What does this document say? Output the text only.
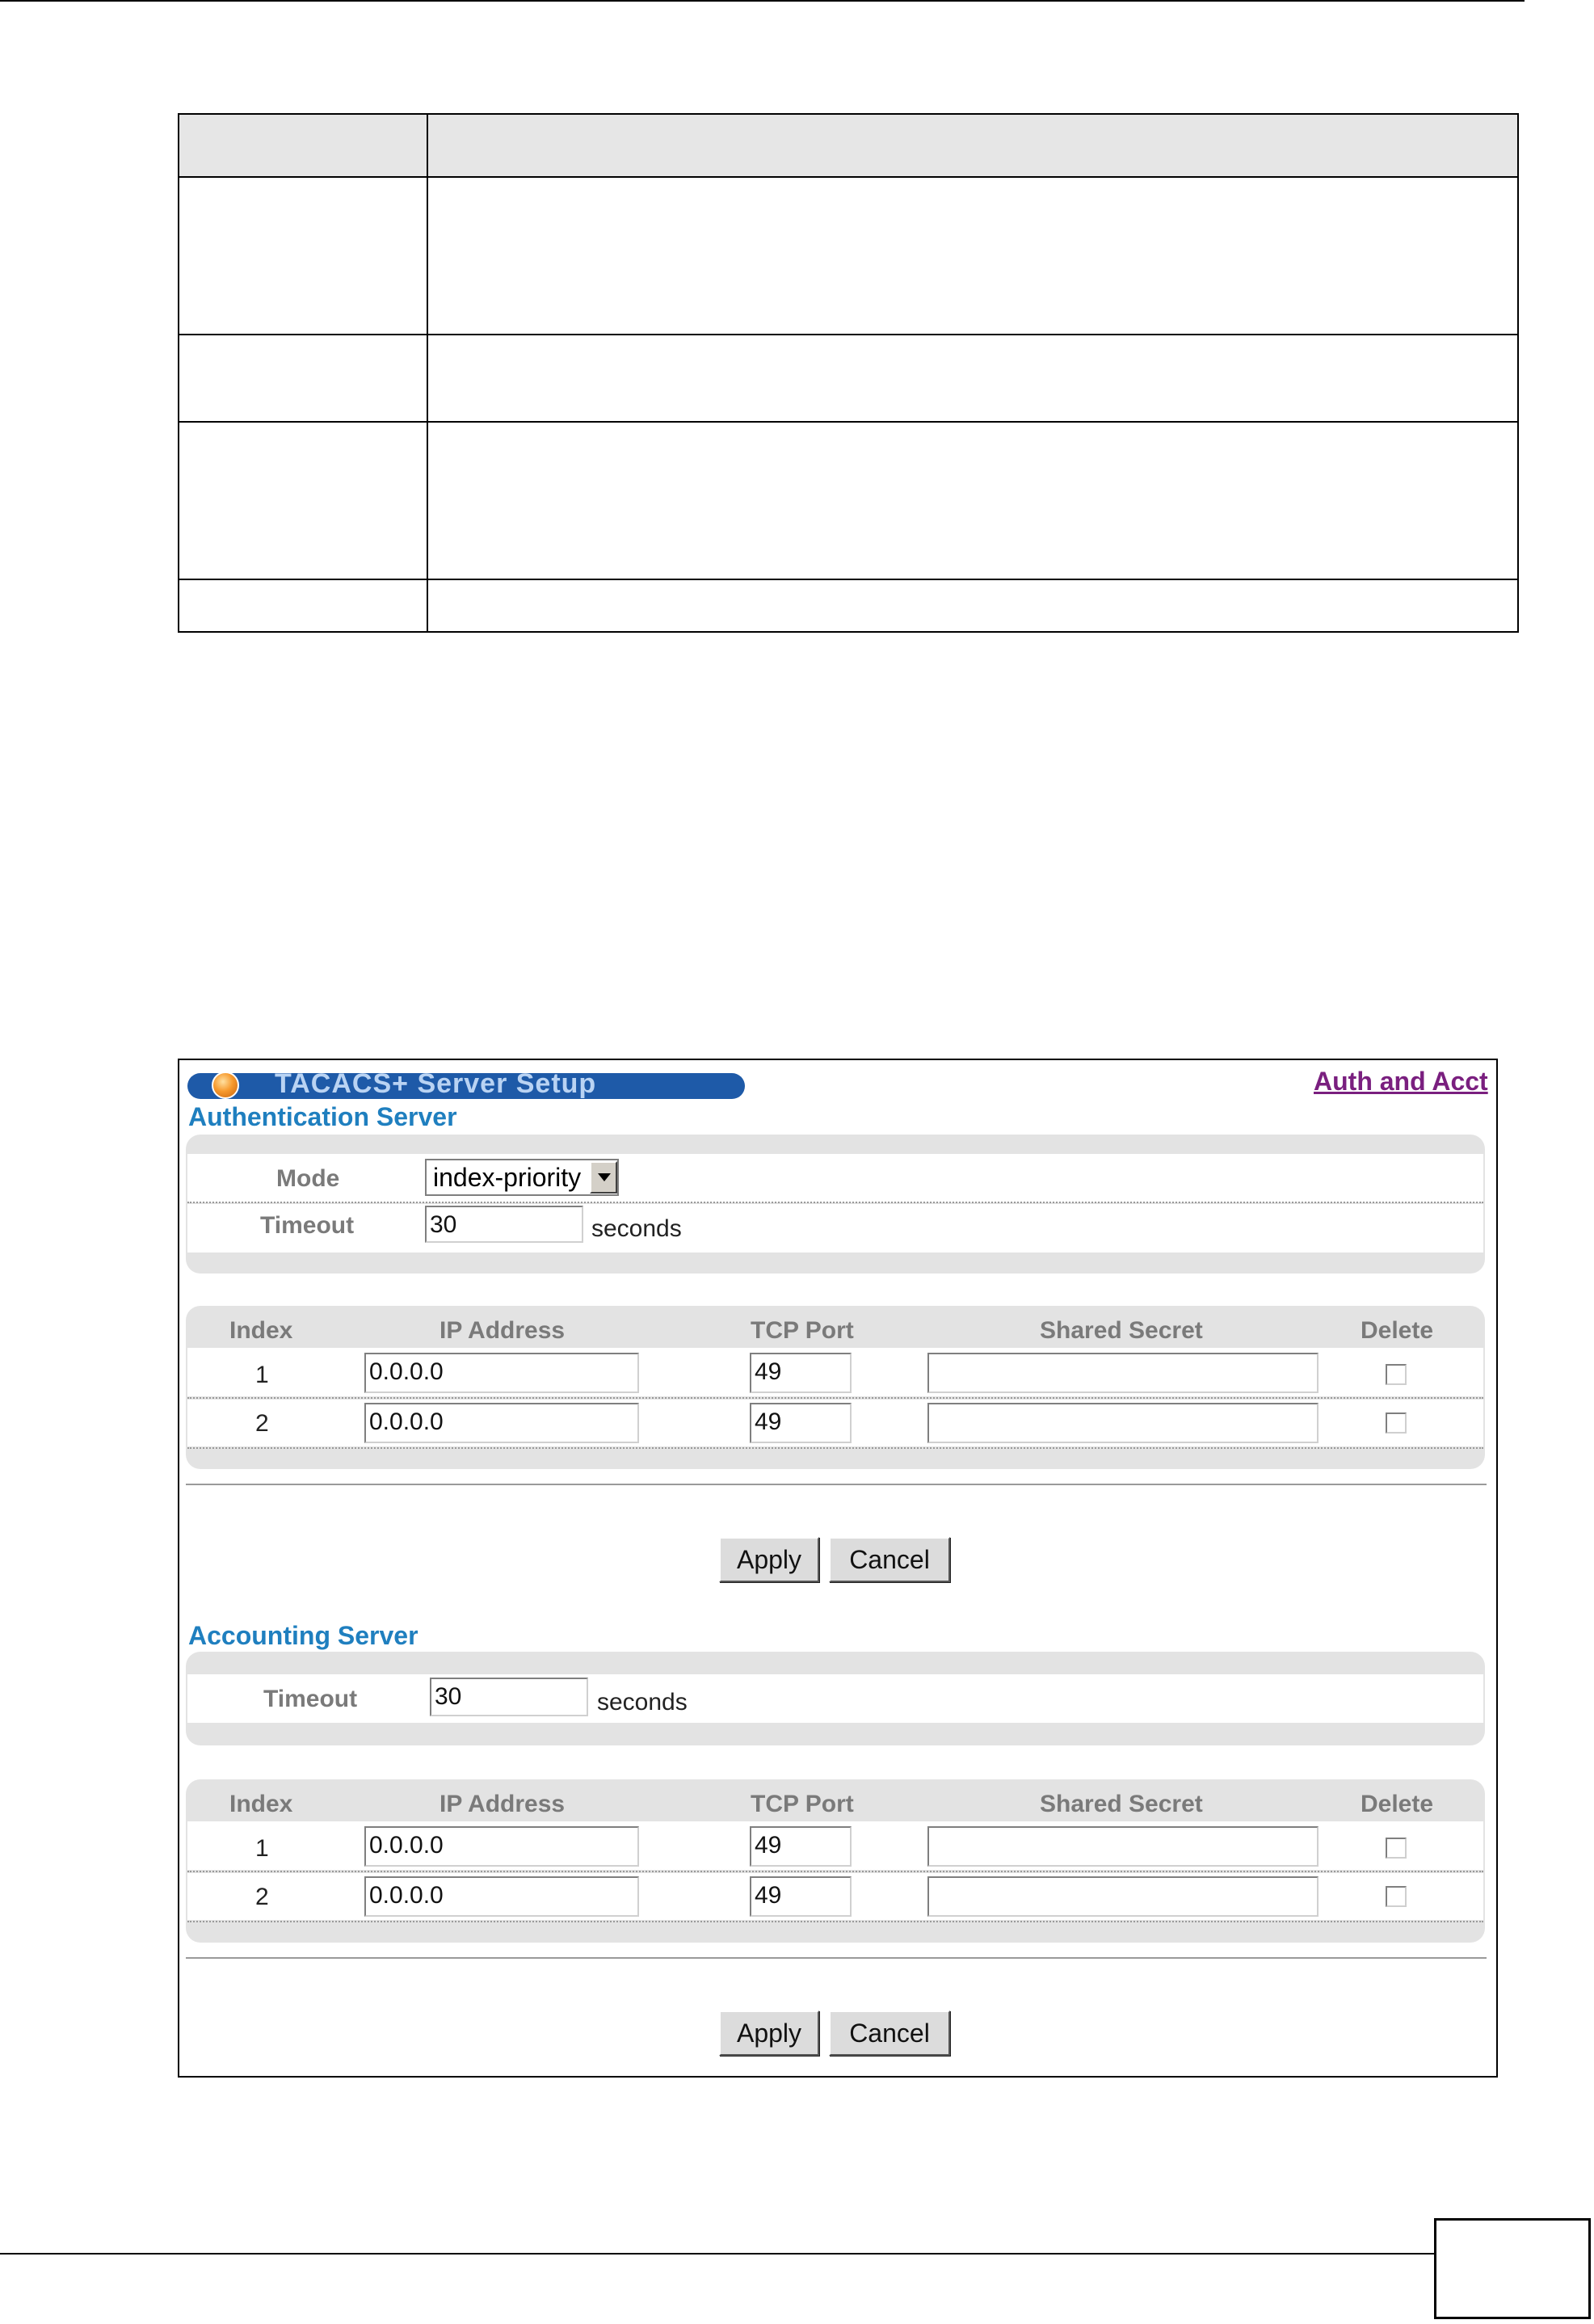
TACACS+ Server Setup	Auth and Acct
Authentication Server
Mode	index-priority
Timeout	30	seconds
Index	IP Address	TCP Port	Shared Secret	Delete
1	0.0.0.0	49
2	0.0.0.0	49
Apply	Cancel
Accounting Server
Timeout	30	seconds
Index	IP Address	TCP Port	Shared Secret	Delete
1	0.0.0.0	49
2	0.0.0.0	49
Apply	Cancel
